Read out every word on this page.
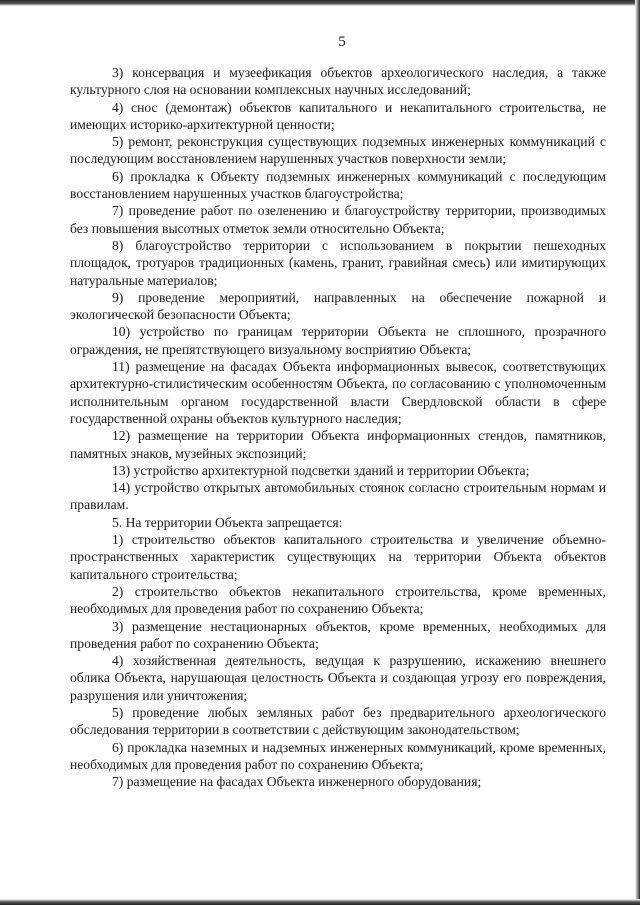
5

3) консервация и музеефикация объектов археологического наследия, а также культурного слоя на основании комплексных научных исследований;

4) снос (демонтаж) объектов капитального и некапитального строительства, не имеющих историко-архитектурной ценности;

5) ремонт, реконструкция существующих подземных инженерных коммуникаций с последующим восстановлением нарушенных участков поверхности земли;

6) прокладка к Объекту подземных инженерных коммуникаций с последующим восстановлением нарушенных участков благоустройства;

7) проведение работ по озеленению и благоустройству территории, производимых без повышения высотных отметок земли относительно Объекта;

8) благоустройство территории с использованием в покрытии пешеходных площадок, тротуаров традиционных (камень, гранит, гравийная смесь) или имитирующих натуральные материалов;

9) проведение мероприятий, направленных на обеспечение пожарной и экологической безопасности Объекта;

10) устройство по границам территории Объекта не сплошного, прозрачного ограждения, не препятствующего визуальному восприятию Объекта;

11) размещение на фасадах Объекта информационных вывесок, соответствующих архитектурно-стилистическим особенностям Объекта, по согласованию с уполномоченным исполнительным органом государственной власти Свердловской области в сфере государственной охраны объектов культурного наследия;

12) размещение на территории Объекта информационных стендов, памятников, памятных знаков, музейных экспозиций;

13) устройство архитектурной подсветки зданий и территории Объекта;

14) устройство открытых автомобильных стоянок согласно строительным нормам и правилам.

5. На территории Объекта запрещается:

1) строительство объектов капитального строительства и увеличение объемно-пространственных характеристик существующих на территории Объекта объектов капитального строительства;

2) строительство объектов некапитального строительства, кроме временных, необходимых для проведения работ по сохранению Объекта;

3) размещение нестационарных объектов, кроме временных, необходимых для проведения работ по сохранению Объекта;

4) хозяйственная деятельность, ведущая к разрушению, искажению внешнего облика Объекта, нарушающая целостность Объекта и создающая угрозу его повреждения, разрушения или уничтожения;

5) проведение любых земляных работ без предварительного археологического обследования территории в соответствии с действующим законодательством;

6) прокладка наземных и надземных инженерных коммуникаций, кроме временных, необходимых для проведения работ по сохранению Объекта;

7) размещение на фасадах Объекта инженерного оборудования;
